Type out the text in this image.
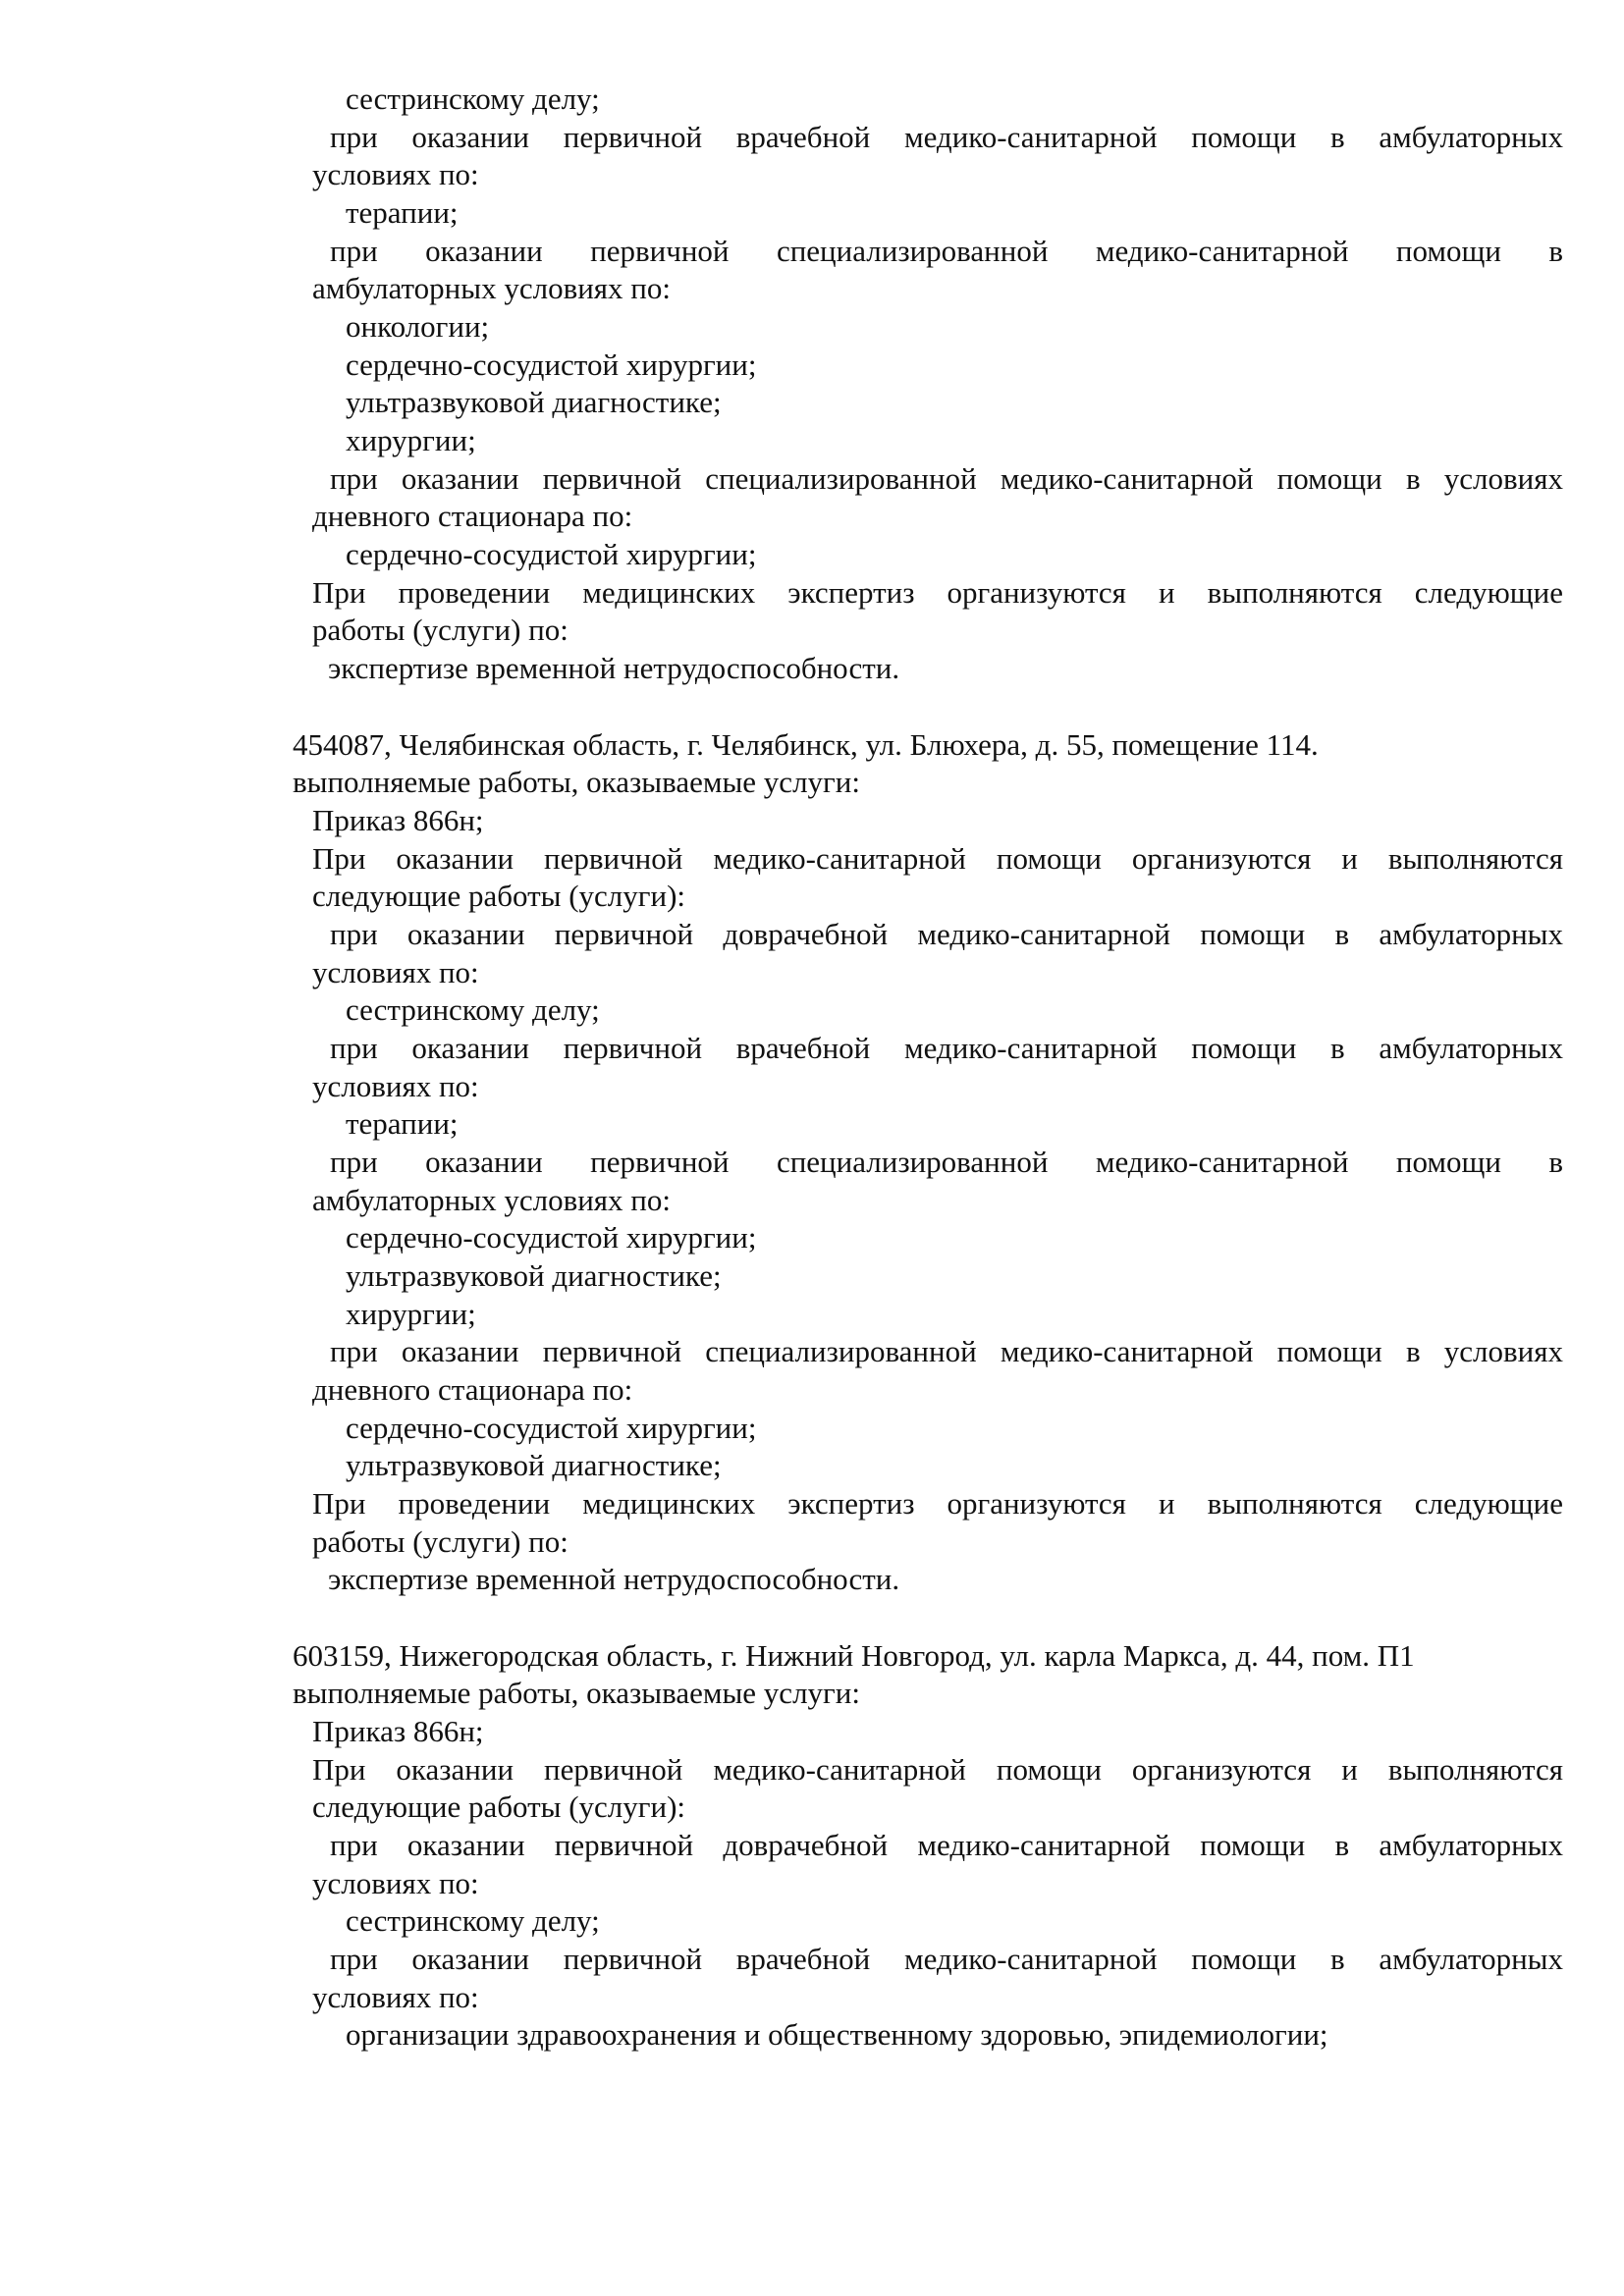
сестринскому делу;
при оказании первичной врачебной медико-санитарной помощи в амбулаторных
условиях по:
терапии;
при оказании первичной специализированной медико-санитарной помощи в
амбулаторных условиях по:
онкологии;
сердечно-сосудистой хирургии;
ультразвуковой диагностике;
хирургии;
при оказании первичной специализированной медико-санитарной помощи в условиях
дневного стационара по:
сердечно-сосудистой хирургии;
При проведении медицинских экспертиз организуются и выполняются следующие
работы (услуги) по:
экспертизе временной нетрудоспособности.
454087, Челябинская область, г. Челябинск, ул. Блюхера, д. 55, помещение 114.
выполняемые работы, оказываемые услуги:
Приказ 866н;
При оказании первичной медико-санитарной помощи организуются и выполняются
следующие работы (услуги):
при оказании первичной доврачебной медико-санитарной помощи в амбулаторных
условиях по:
сестринскому делу;
при оказании первичной врачебной медико-санитарной помощи в амбулаторных
условиях по:
терапии;
при оказании первичной специализированной медико-санитарной помощи в
амбулаторных условиях по:
сердечно-сосудистой хирургии;
ультразвуковой диагностике;
хирургии;
при оказании первичной специализированной медико-санитарной помощи в условиях
дневного стационара по:
сердечно-сосудистой хирургии;
ультразвуковой диагностике;
При проведении медицинских экспертиз организуются и выполняются следующие
работы (услуги) по:
экспертизе временной нетрудоспособности.
603159, Нижегородская область, г. Нижний Новгород, ул. карла Маркса, д. 44, пом. П1
выполняемые работы, оказываемые услуги:
Приказ 866н;
При оказании первичной медико-санитарной помощи организуются и выполняются
следующие работы (услуги):
при оказании первичной доврачебной медико-санитарной помощи в амбулаторных
условиях по:
сестринскому делу;
при оказании первичной врачебной медико-санитарной помощи в амбулаторных
условиях по:
организации здравоохранения и общественному здоровью, эпидемиологии;
